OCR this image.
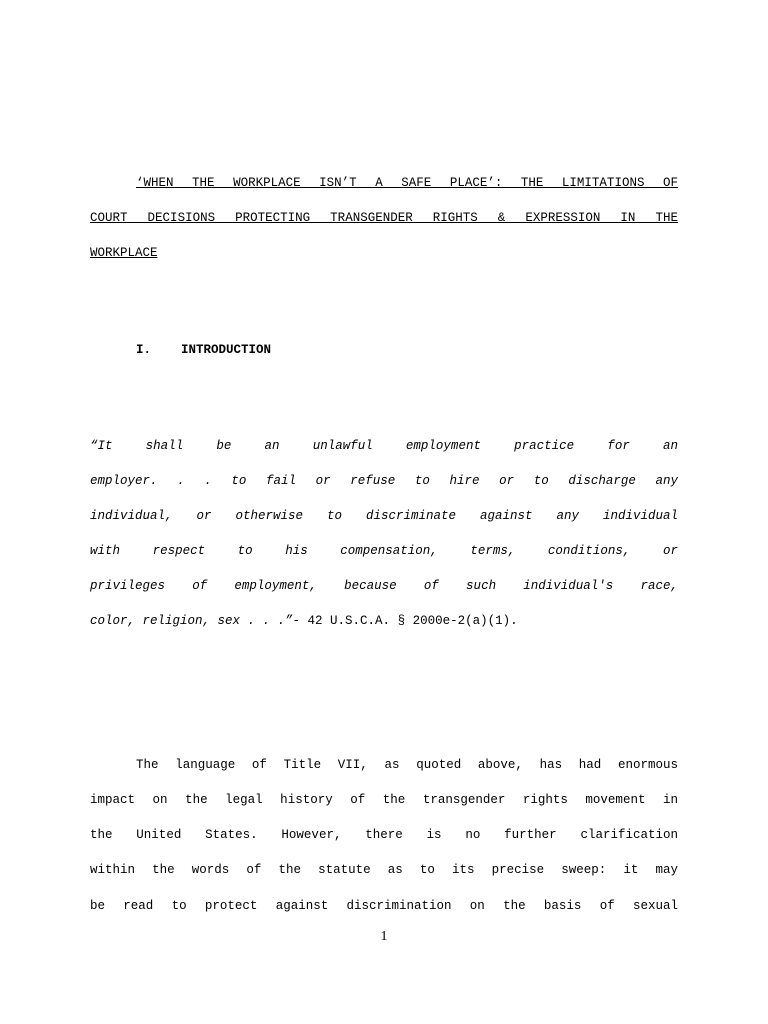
‘WHEN THE WORKPLACE ISN’T A SAFE PLACE’: THE LIMITATIONS OF
COURT DECISIONS PROTECTING TRANSGENDER RIGHTS & EXPRESSION IN THE
WORKPLACE
I. INTRODUCTION
“It shall be an unlawful employment practice for an
employer. . . to fail or refuse to hire or to discharge any
individual, or otherwise to discriminate against any individual
with respect to his compensation, terms, conditions, or
privileges of employment, because of such individual's race,
color, religion, sex . . .”- 42 U.S.C.A. § 2000e-2(a)(1).
The language of Title VII, as quoted above, has had enormous
impact on the legal history of the transgender rights movement in
the United States. However, there is no further clarification
within the words of the statute as to its precise sweep: it may
be read to protect against discrimination on the basis of sexual
1
